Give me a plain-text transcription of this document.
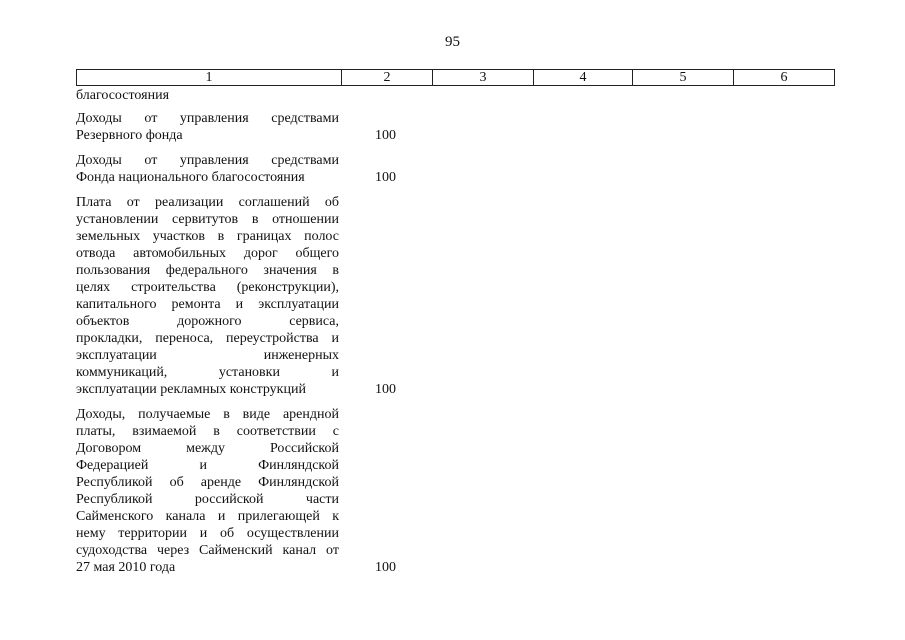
95
1	2	3	4	5	6
благосостояния
Доходы от управления средствами
Резервного фонда	100
Доходы от управления средствами
Фонда национального благосостояния	100
Плата от реализации соглашений об
установлении сервитутов в отношении
земельных участков в границах полос
отвода автомобильных дорог общего
пользования федерального значения в
целях строительства (реконструкции),
капитального ремонта и эксплуатации
объектов дорожного сервиса,
прокладки, переноса, переустройства и
эксплуатации инженерных
коммуникаций, установки и
эксплуатации рекламных конструкций	100
Доходы, получаемые в виде арендной
платы, взимаемой в соответствии с
Договором между Российской
Федерацией и Финляндской
Республикой об аренде Финляндской
Республикой российской части
Сайменского канала и прилегающей к
нему территории и об осуществлении
судоходства через Сайменский канал от
27 мая 2010 года	100
